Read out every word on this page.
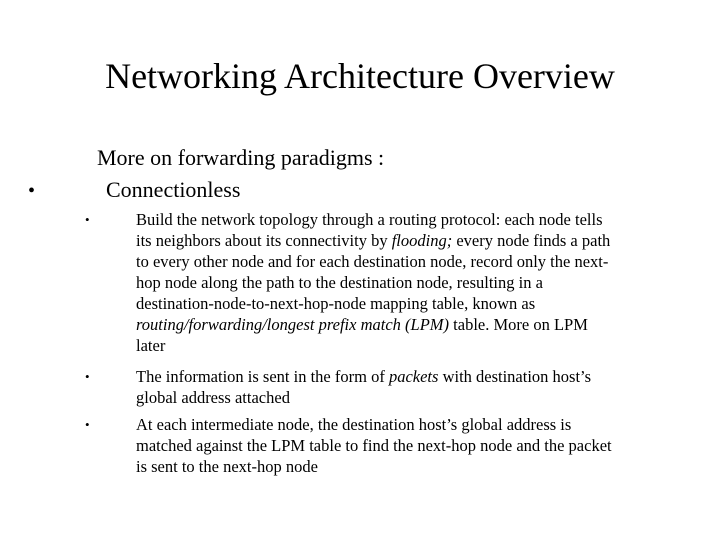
Networking Architecture Overview
More on forwarding paradigms :
•	Connectionless
•	Build the network topology through a routing protocol: each node tells
its neighbors about its connectivity by flooding; every node finds a path
to every other node and for each destination node, record only the next-
hop node along the path to the destination node, resulting in a
destination-node-to-next-hop-node mapping table, known as
routing/forwarding/longest prefix match (LPM) table. More on LPM
later
•	The information is sent in the form of packets with destination host’s
global address attached
•	At each intermediate node, the destination host’s global address is
matched against the LPM table to find the next-hop node and the packet
is sent to the next-hop node
